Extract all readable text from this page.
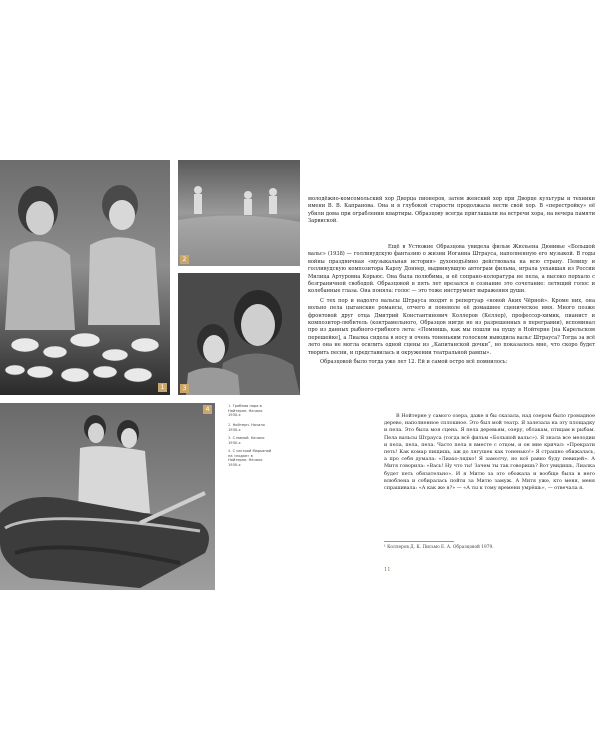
1
2
3
4	1. Грибная пора в Нойтерне. Начало 1930-х
2. Нойтерн. Начало 1930-х
3. С мамой. Начало 1930-х
4. С сестрой Марьяной на «лодке» в Нойтерне. Начало 1930-х

молодёжно-комсомольский хор Дворца пионеров, затем женский хор при Дворце культуры и техники имени В. В. Капранова. Она и в глубокой старости продолжала вести свой хор. В «перестройку» её убили дома при ограблении квартиры. Образцову всегда приглашали на встречи хора, на вечера памяти Зарвиской.

Ещё в Устюжне Образцова увидела фильм Жюльена Дювивье «Большой вальс» (1938) — голливудскую фантазию о жизни Иоганна Штрауса, наполненную его музыкой. В годы войны праздничная «музыкальная история» духоподъёмно действовала на всю страну. Певицу и голливудскую композитора Карлу Доннер, выдвинувшую автограм фильма, играла уехавшая из России Милица Артуровна Корьюс. Она была полюбима, и её сопрано-колоратура не пела, а высоко порхало с безграничной свободой. Образцовой в пять лет врезался в сознание это сочетание: летящий голос и колебанные глаза. Она поняла: голос — это тоже инструмент выражения души.

С тех пор и надолго вальсы Штрауса входят в репертуар «новой Аких Чёрной». Кроме них, она вольно пела цыганские романсы, отчего и поневоле её домашнее сценическое имя. Много позже фронтовой друг отца Дмитрий Константинович Коллеров (Келлер), профессор-химик, пианист и композитор-любитель (контрамельного, Образцов нигде не из разрешенных в перегравии), вспоминал про из данных рыбного-грибного лета: «Помнишь, как мы пошли на пушу в Нойтерне [на Карельском перешейке], а Лиалка сидела в носу и очень тоненьким голоском выводила вальс Штрауса? Тогда за всё лето она не могла осилить одной сцены из „Капитанской дочки“, но показалось мне, что скоро будет творить песни, и представилась и окружении театральной рампы».

Образцовой было тогда уже лет 12. Ей и самой остро всё помнилось:

В Нойтерне у самого озера, даже я бы сказала, над озером было громадное дерево, наполненное сплошное. Это был мой театр. Я залезала на эту площадку и пела. Это была моя сцена. Я пела деревьям, озеру, облакам, птицам и рыбам. Пела вальсы Штрауса (тогда всё фильм «Большой вальс»). Я знала все мелодии и пела, пела, пела. Часто пела я вместе с отцом, и он мне кричал: «Прекрати петь! Как комар пищишь, аж до лягушек как тоненько!» Я страшно обижалась, а про себя думала: «Лиахо-лядко! Я замолчу, но всё равно буду певицей». А Митя говорила: «Вась! Ну что ты! Зачем ты так говоришь? Вот увидишь, Лиалка будет петь обязательно». И я Митю за это обожала и вообще была в него влюблена и собиралась пойти за Митю замуж. А Митя уже, кто меня, меня спрашивала: «А как же я?» — «А ты к тому времени умрёшь», — отвечала я.

¹ Коллеров Д. К. Письмо Е. А. Образцовой 1979.
11
